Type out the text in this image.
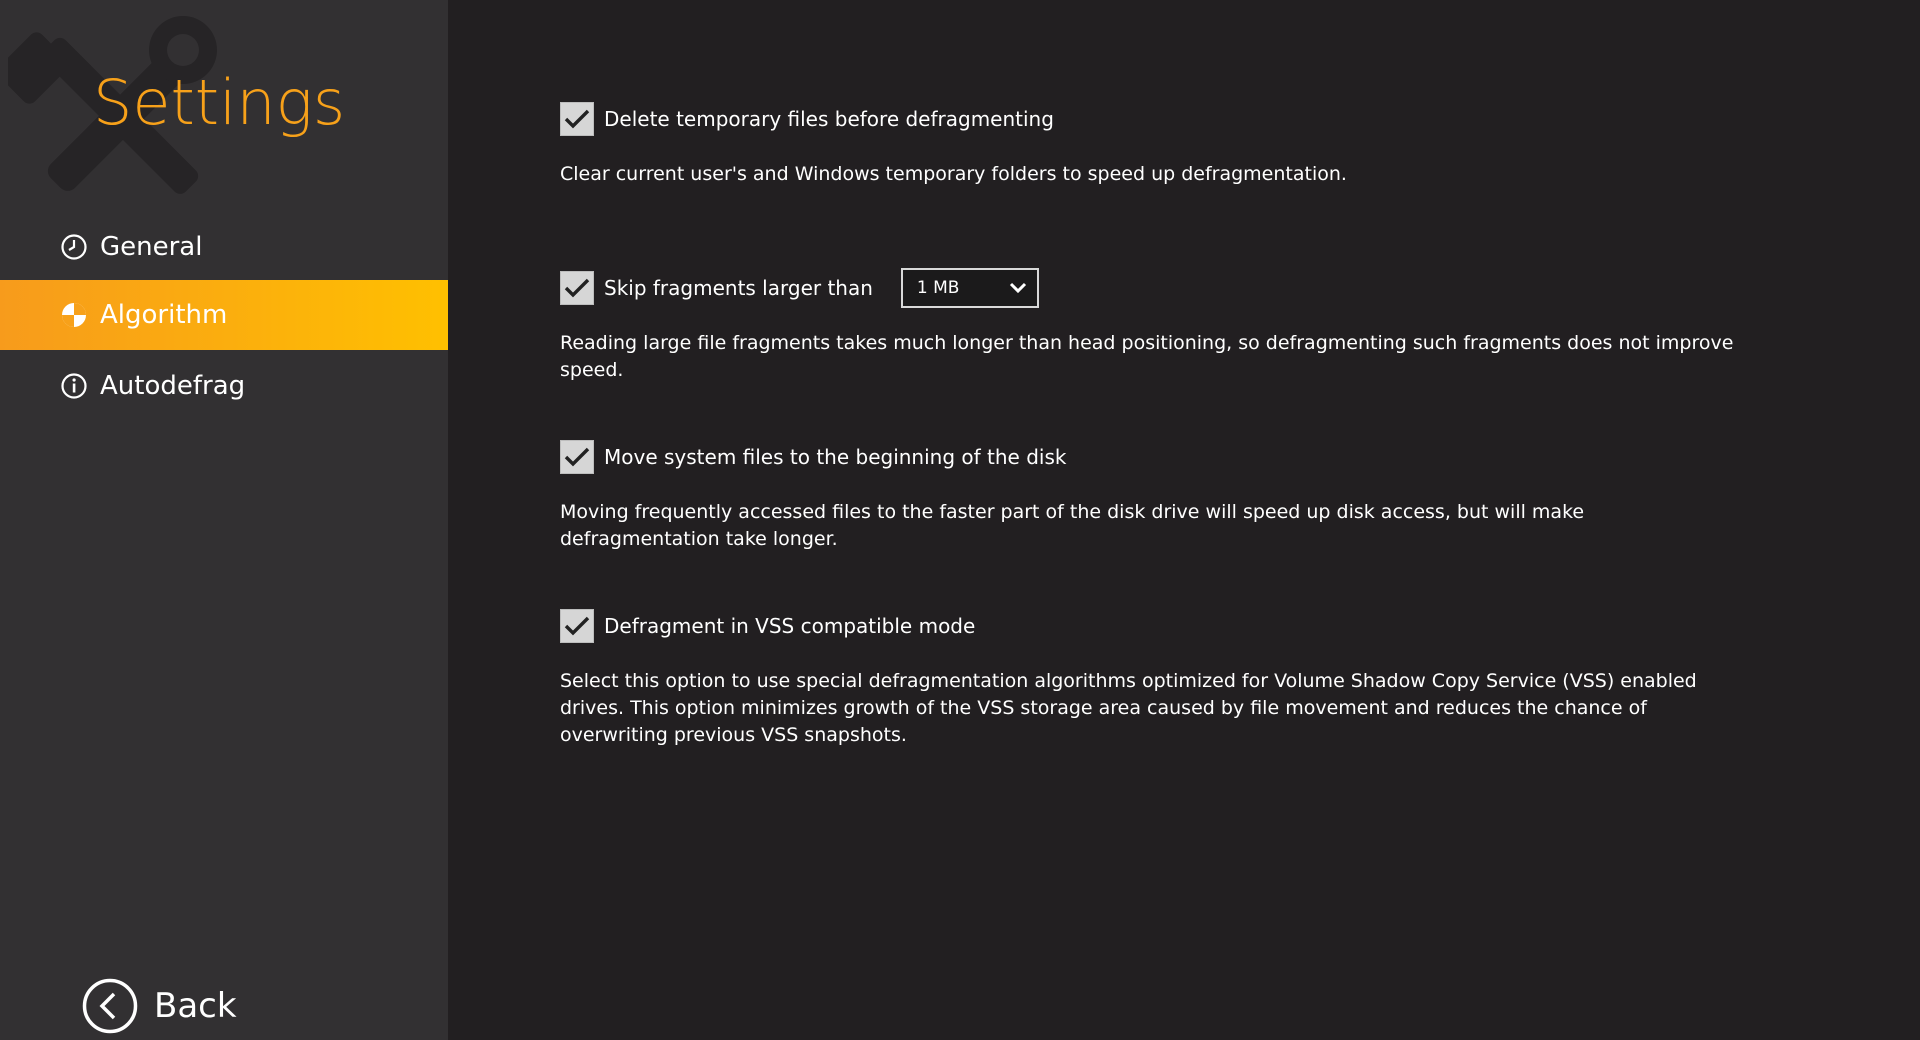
Settings
General
Algorithm
Autodefrag
Back
Delete temporary files before defragmenting
Clear current user's and Windows temporary folders to speed up defragmentation.
Skip fragments larger than	1 MB
Reading large file fragments takes much longer than head positioning, so defragmenting such fragments does not improve speed.
Move system files to the beginning of the disk
Moving frequently accessed files to the faster part of the disk drive will speed up disk access, but will make defragmentation take longer.
Defragment in VSS compatible mode
Select this option to use special defragmentation algorithms optimized for Volume Shadow Copy Service (VSS) enabled drives. This option minimizes growth of the VSS storage area caused by file movement and reduces the chance of overwriting previous VSS snapshots.
